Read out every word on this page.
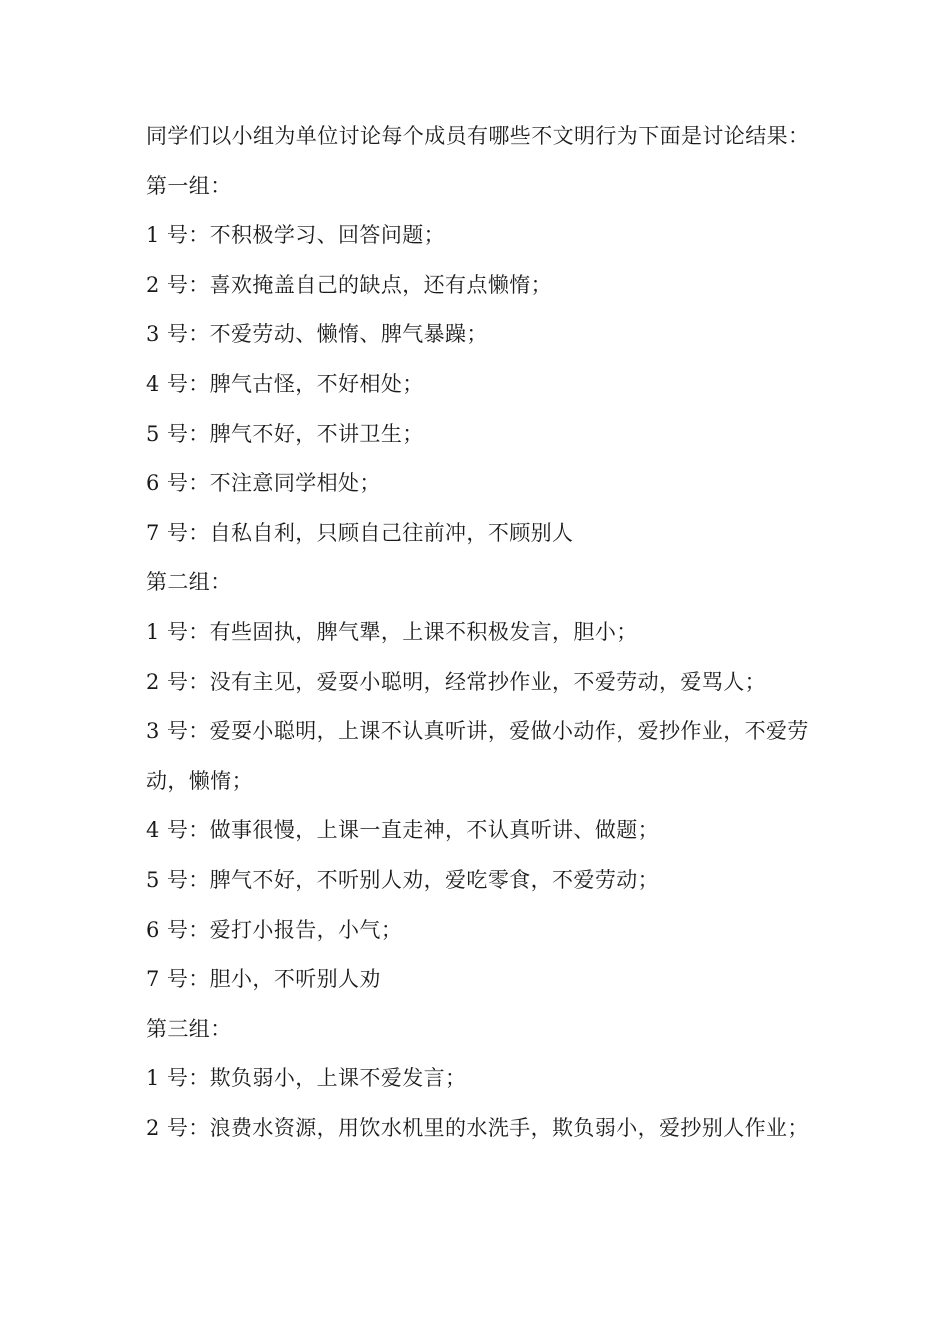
同学们以小组为单位讨论每个成员有哪些不文明行为下面是讨论结果：

第一组：

1 号：不积极学习、回答问题；

2 号：喜欢掩盖自己的缺点，还有点懒惰；

3 号：不爱劳动、懒惰、脾气暴躁；

4 号：脾气古怪，不好相处；

5 号：脾气不好，不讲卫生；

6 号：不注意同学相处；

7 号：自私自利，只顾自己往前冲，不顾别人

第二组：

1 号：有些固执，脾气犟，上课不积极发言，胆小；

2 号：没有主见，爱耍小聪明，经常抄作业，不爱劳动，爱骂人；

3 号：爱耍小聪明，上课不认真听讲，爱做小动作，爱抄作业，不爱劳动，懒惰；

4 号：做事很慢，上课一直走神，不认真听讲、做题；

5 号：脾气不好，不听别人劝，爱吃零食，不爱劳动；

6 号：爱打小报告，小气；

7 号：胆小，不听别人劝

第三组：

1 号：欺负弱小，上课不爱发言；

2 号：浪费水资源，用饮水机里的水洗手，欺负弱小，爱抄别人作业；
